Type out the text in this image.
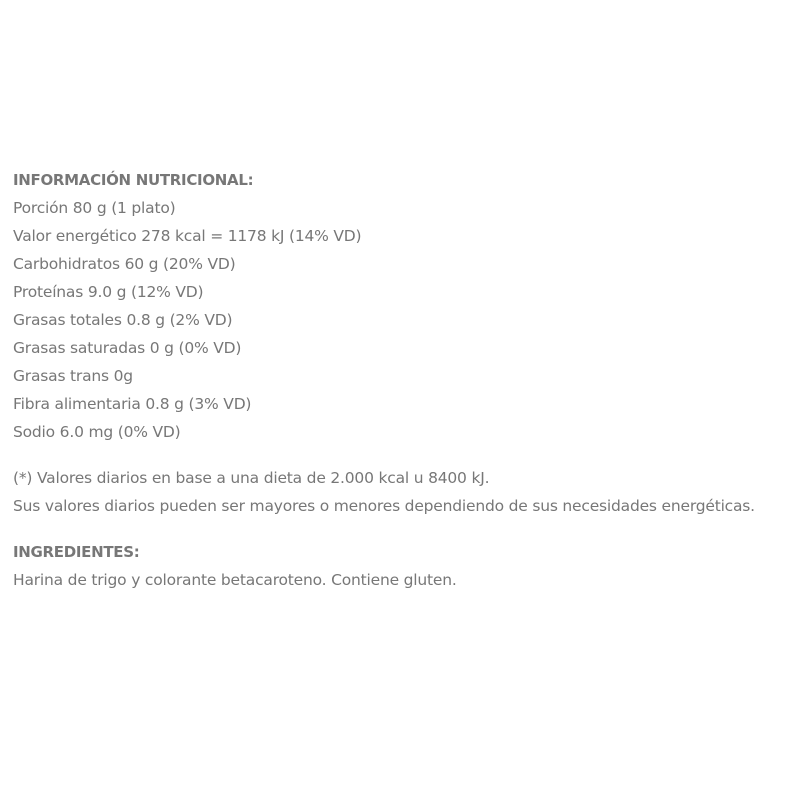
INFORMACIÓN NUTRICIONAL:
Porción 80 g (1 plato)
Valor energético 278 kcal = 1178 kJ (14% VD)
Carbohidratos 60 g (20% VD)
Proteínas 9.0 g (12% VD)
Grasas totales 0.8 g (2% VD)
Grasas saturadas 0 g (0% VD)
Grasas trans 0g
Fibra alimentaria 0.8 g (3% VD)
Sodio 6.0 mg (0% VD)
(*) Valores diarios en base a una dieta de 2.000 kcal u 8400 kJ.
Sus valores diarios pueden ser mayores o menores dependiendo de sus necesidades energéticas.
INGREDIENTES:
Harina de trigo y colorante betacaroteno. Contiene gluten.
